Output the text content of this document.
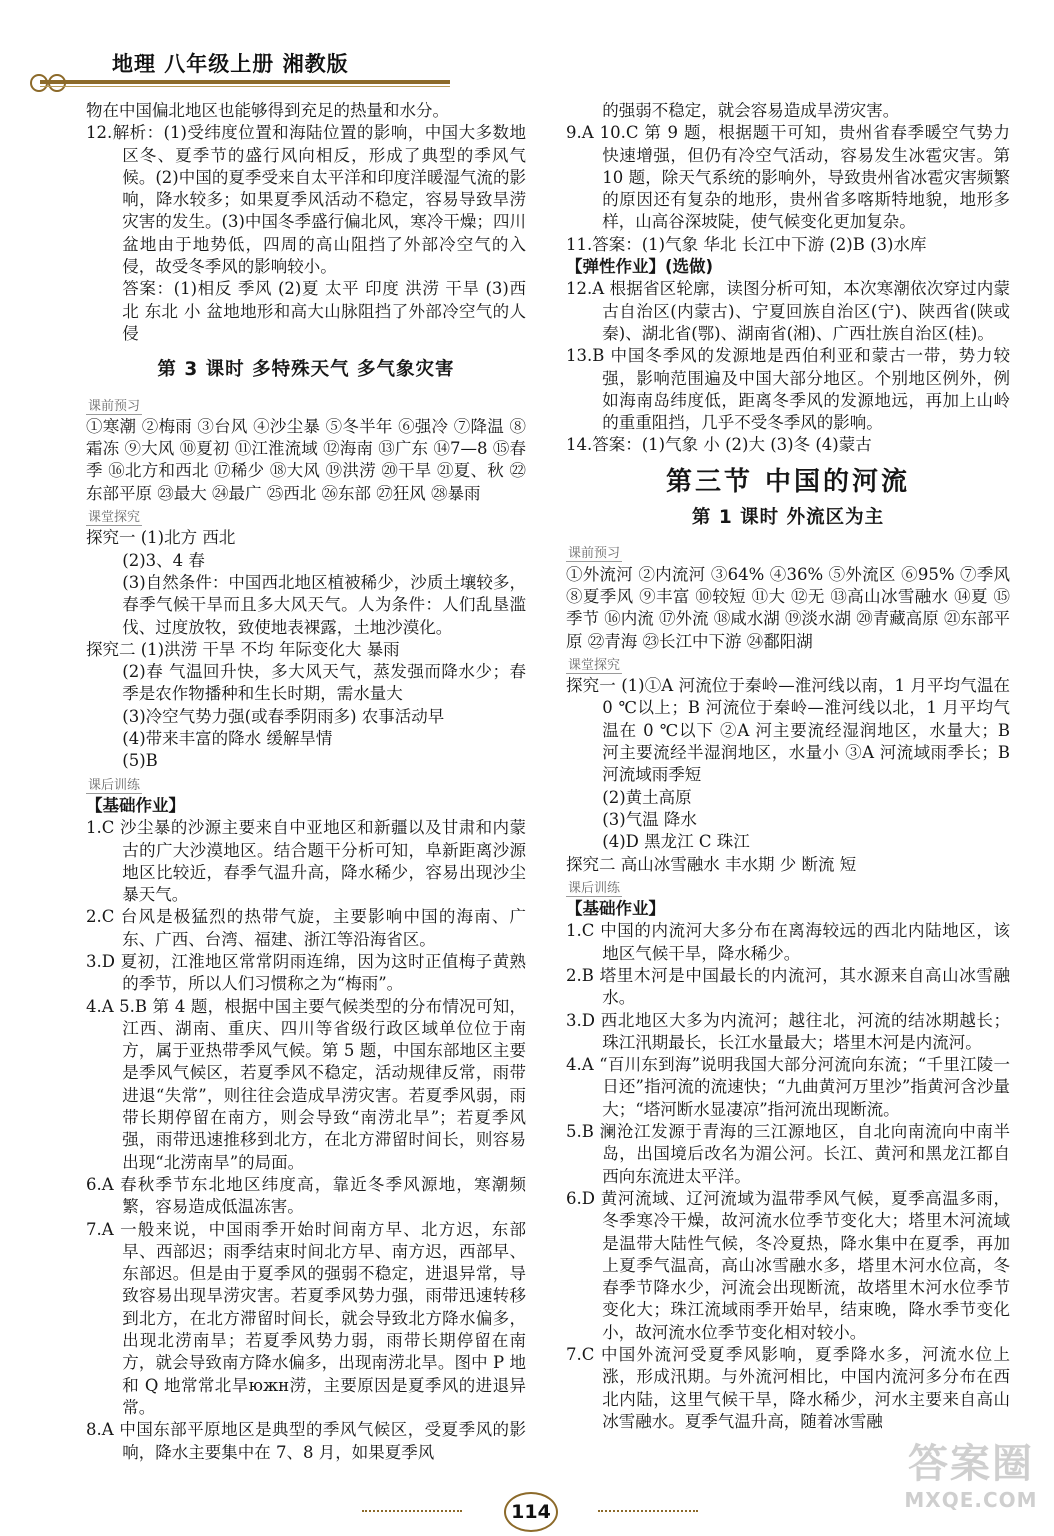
地理 八年级上册 湘教版

物在中国偏北地区也能够得到充足的热量和水分。

12.解析：(1)受纬度位置和海陆位置的影响，中国大多数地区冬、夏季节的盛行风向相反，形成了典型的季风气候。(2)中国的夏季受来自太平洋和印度洋暖湿气流的影响，降水较多；如果夏季风活动不稳定，容易导致旱涝灾害的发生。(3)中国冬季盛行偏北风，寒冷干燥；四川盆地由于地势低，四周的高山阻挡了外部冷空气的入侵，故受冬季风的影响较小。

答案：(1)相反 季风 (2)夏 太平 印度 洪涝 干旱 (3)西北 东北 小 盆地地形和高大山脉阻挡了外部冷空气的人侵

第 3 课时 多特殊天气 多气象灾害

课前预习

①寒潮 ②梅雨 ③台风 ④沙尘暴 ⑤冬半年 ⑥强冷 ⑦降温 ⑧霜冻 ⑨大风 ⑩夏初 ⑪江淮流域 ⑫海南 ⑬广东 ⑭7—8 ⑮春季 ⑯北方和西北 ⑰稀少 ⑱大风 ⑲洪涝 ⑳干旱 ㉑夏、秋 ㉒东部平原 ㉓最大 ㉔最广 ㉕西北 ㉖东部 ㉗狂风 ㉘暴雨

课堂探究

探究一 (1)北方 西北

(2)3、4 春

(3)自然条件：中国西北地区植被稀少，沙质土壤较多，春季气候干旱而且多大风天气。人为条件：人们乱垦滥伐、过度放牧，致使地表裸露，土地沙漠化。

探究二 (1)洪涝 干旱 不均 年际变化大 暴雨

(2)春 气温回升快，多大风天气，蒸发强而降水少；春季是农作物播种和生长时期，需水量大

(3)冷空气势力强(或春季阴雨多) 农事活动早

(4)带来丰富的降水 缓解旱情

(5)B

课后训练

【基础作业】

1.C 沙尘暴的沙源主要来自中亚地区和新疆以及甘肃和内蒙古的广大沙漠地区。结合题干分析可知，阜新距离沙源地区比较近，春季气温升高，降水稀少，容易出现沙尘暴天气。

2.C 台风是极猛烈的热带气旋，主要影响中国的海南、广东、广西、台湾、福建、浙江等沿海省区。

3.D 夏初，江淮地区常常阴雨连绵，因为这时正值梅子黄熟的季节，所以人们习惯称之为“梅雨”。

4.A 5.B 第 4 题，根据中国主要气候类型的分布情况可知，江西、湖南、重庆、四川等省级行政区域单位位于南方，属于亚热带季风气候。第 5 题，中国东部地区主要是季风气候区，若夏季风不稳定，活动规律反常，雨带进退“失常”，则往往会造成旱涝灾害。若夏季风弱，雨带长期停留在南方，则会导致“南涝北旱”；若夏季风强，雨带迅速推移到北方，在北方滞留时间长，则容易出现“北涝南旱”的局面。

6.A 春秋季节东北地区纬度高，靠近冬季风源地，寒潮频繁，容易造成低温冻害。

7.A 一般来说，中国雨季开始时间南方早、北方迟，东部早、西部迟；雨季结束时间北方早、南方迟，西部早、东部迟。但是由于夏季风的强弱不稳定，进退异常，导致容易出现旱涝灾害。若夏季风势力强，雨带迅速转移到北方，在北方滞留时间长，就会导致北方降水偏多，出现北涝南旱；若夏季风势力弱，雨带长期停留在南方，就会导致南方降水偏多，出现南涝北旱。图中 P 地和 Q 地常常北旱южн涝，主要原因是夏季风的进退异常。

8.A 中国东部平原地区是典型的季风气候区，受夏季风的影响，降水主要集中在 7、8 月，如果夏季风

的强弱不稳定，就会容易造成旱涝灾害。

9.A 10.C 第 9 题，根据题干可知，贵州省春季暖空气势力快速增强，但仍有冷空气活动，容易发生冰雹灾害。第 10 题，除天气系统的影响外，导致贵州省冰雹灾害频繁的原因还有复杂的地形，贵州省多喀斯特地貌，地形多样，山高谷深坡陡，使气候变化更加复杂。

11.答案：(1)气象 华北 长江中下游 (2)B (3)水库

【弹性作业】(选做)

12.A 根据省区轮廓，读图分析可知，本次寒潮依次穿过内蒙古自治区(内蒙古)、宁夏回族自治区(宁)、陕西省(陕或秦)、湖北省(鄂)、湖南省(湘)、广西壮族自治区(桂)。

13.B 中国冬季风的发源地是西伯利亚和蒙古一带，势力较强，影响范围遍及中国大部分地区。个别地区例外，例如海南岛纬度低，距离冬季风的发源地远，再加上山岭的重重阻挡，几乎不受冬季风的影响。

14.答案：(1)气象 小 (2)大 (3)冬 (4)蒙古

第三节 中国的河流

第 1 课时 外流区为主

课前预习

①外流河 ②内流河 ③64% ④36% ⑤外流区 ⑥95% ⑦季风 ⑧夏季风 ⑨丰富 ⑩较短 ⑪大 ⑫无 ⑬高山冰雪融水 ⑭夏 ⑮季节 ⑯内流 ⑰外流 ⑱咸水湖 ⑲淡水湖 ⑳青藏高原 ㉑东部平原 ㉒青海 ㉓长江中下游 ㉔鄱阳湖

课堂探究

探究一 (1)①A 河流位于秦岭—淮河线以南，1 月平均气温在 0 ℃以上；B 河流位于秦岭—淮河线以北，1 月平均气温在 0 ℃以下 ②A 河主要流经湿润地区，水量大；B 河主要流经半湿润地区，水量小 ③A 河流域雨季长；B 河流域雨季短

(2)黄土高原

(3)气温 降水

(4)D 黑龙江 C 珠江

探究二 高山冰雪融水 丰水期 少 断流 短

课后训练

【基础作业】

1.C 中国的内流河大多分布在离海较远的西北内陆地区，该地区气候干旱，降水稀少。

2.B 塔里木河是中国最长的内流河，其水源来自高山冰雪融水。

3.D 西北地区大多为内流河；越往北，河流的结冰期越长；珠江汛期最长，长江水量最大；塔里木河是内流河。

4.A “百川东到海”说明我国大部分河流向东流；“千里江陵一日还”指河流的流速快；“九曲黄河万里沙”指黄河含沙量大；“塔河断水显凄凉”指河流出现断流。

5.B 澜沧江发源于青海的三江源地区，自北向南流向中南半岛，出国境后改名为湄公河。长江、黄河和黑龙江都自西向东流进太平洋。

6.D 黄河流域、辽河流域为温带季风气候，夏季高温多雨，冬季寒冷干燥，故河流水位季节变化大；塔里木河流域是温带大陆性气候，冬冷夏热，降水集中在夏季，再加上夏季气温高，高山冰雪融水多，塔里木河水位高，冬春季节降水少，河流会出现断流，故塔里木河水位季节变化大；珠江流域雨季开始早，结束晚，降水季节变化小，故河流水位季节变化相对较小。

7.C 中国外流河受夏季风影响，夏季降水多，河流水位上涨，形成汛期。与外流河相比，中国内流河多分布在西北内陆，这里气候干旱，降水稀少，河水主要来自高山冰雪融水。夏季气温升高，随着冰雪融

114
答案圈
MXQE.COM
